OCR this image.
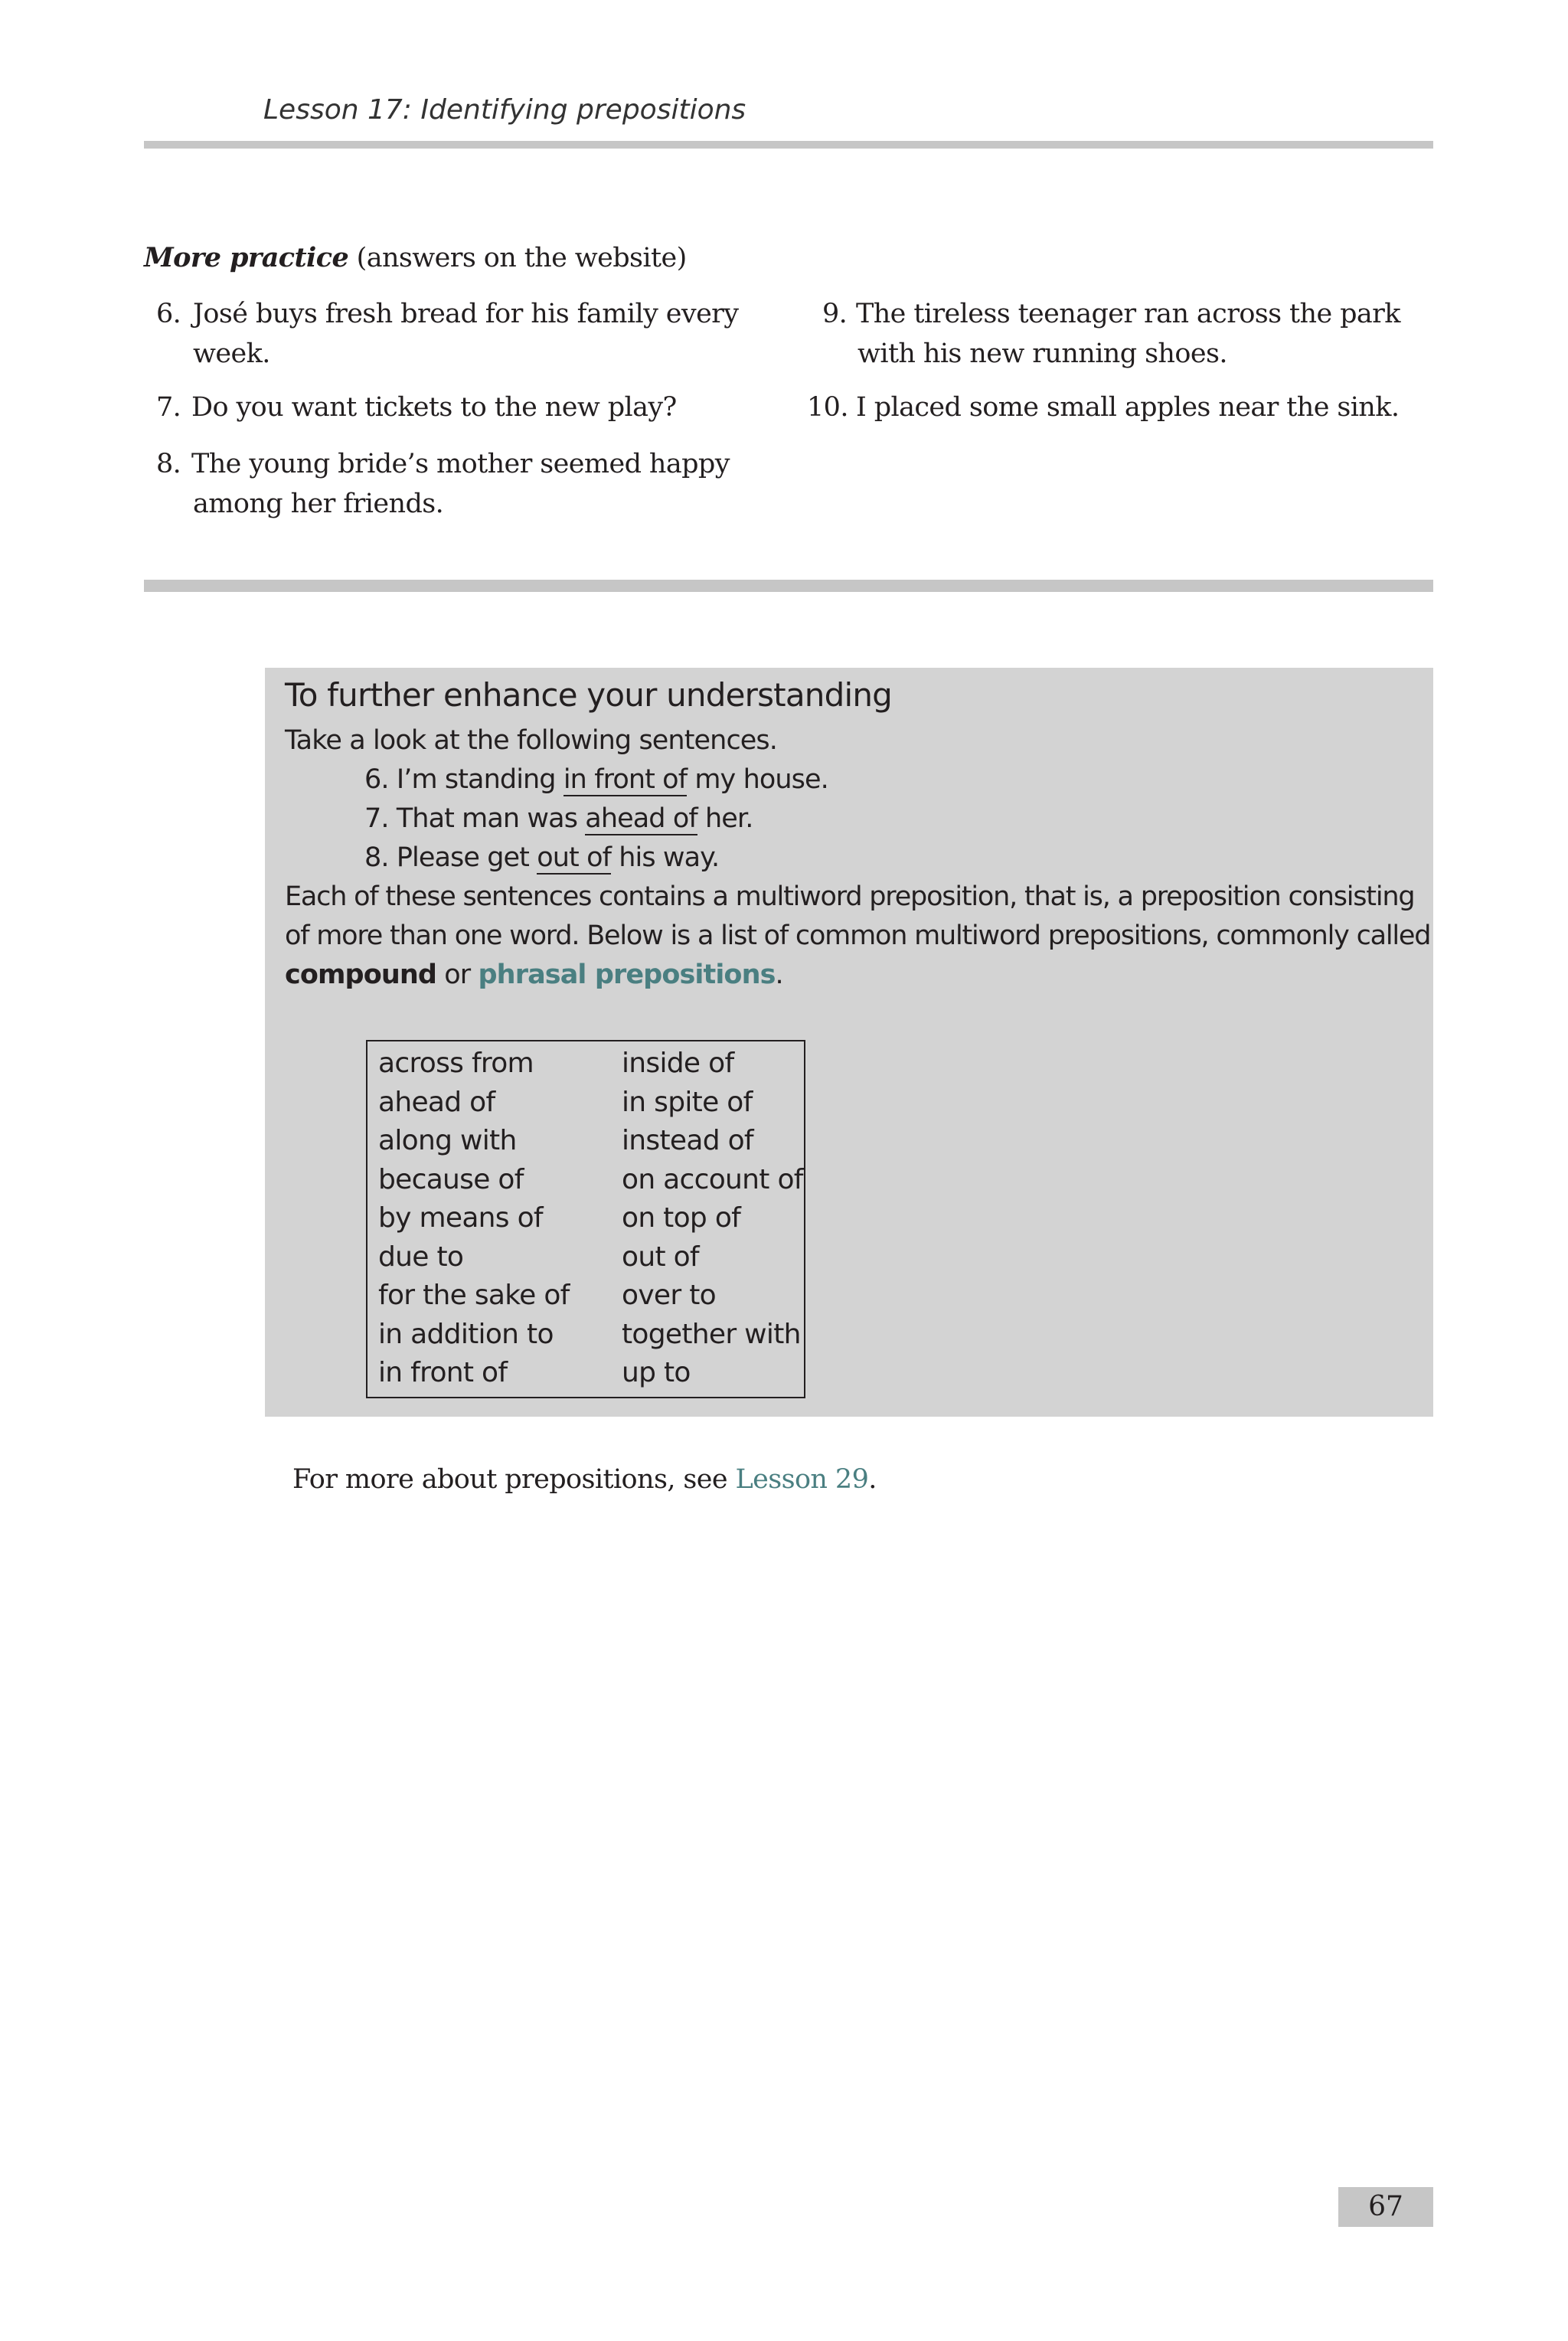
Lesson 17: Identifying prepositions
More practice (answers on the website)
6. José buys fresh bread for his family every
week.
7. Do you want tickets to the new play?
8. The young bride’s mother seemed happy
among her friends.
9. The tireless teenager ran across the park
with his new running shoes.
10. I placed some small apples near the sink.
To further enhance your understanding
Take a look at the following sentences.
6. I’m standing in front of my house.
7. That man was ahead of her.
8. Please get out of his way.
Each of these sentences contains a multiword preposition, that is, a preposition consisting
of more than one word. Below is a list of common multiword prepositions, commonly called
compound or phrasal prepositions.
across from
ahead of
along with
because of
by means of
due to
for the sake of
in addition to
in front of
inside of
in spite of
instead of
on account of
on top of
out of
over to
together with
up to
For more about prepositions, see Lesson 29.
67
